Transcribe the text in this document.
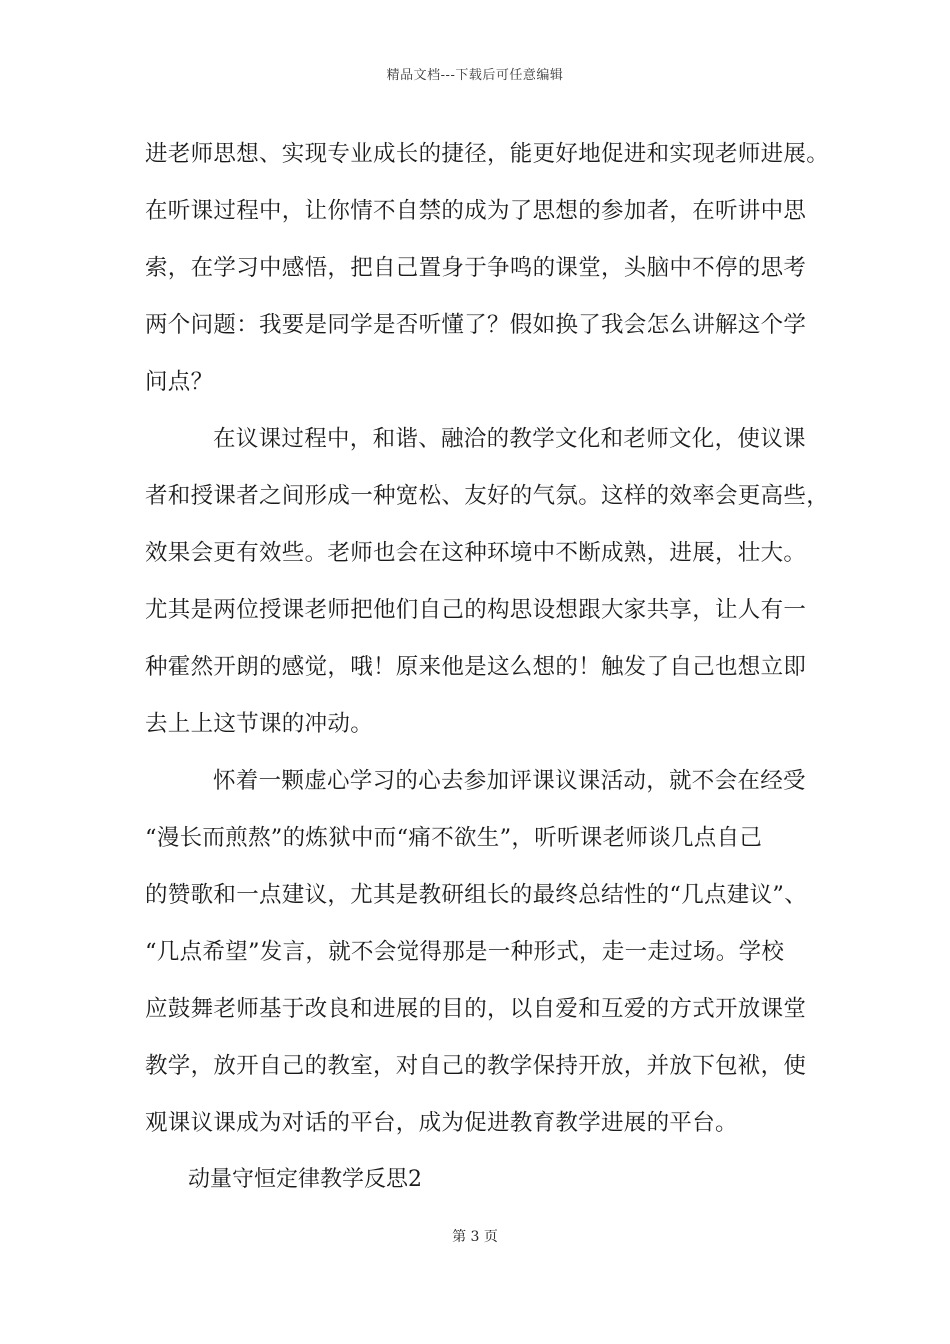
精品文档---下载后可任意编辑
进老师思想、实现专业成长的捷径，能更好地促进和实现老师进展。
在听课过程中，让你情不自禁的成为了思想的参加者，在听讲中思
索，在学习中感悟，把自己置身于争鸣的课堂，头脑中不停的思考
两个问题：我要是同学是否听懂了？假如换了我会怎么讲解这个学
问点？
在议课过程中，和谐、融洽的教学文化和老师文化，使议课
者和授课者之间形成一种宽松、友好的气氛。这样的效率会更高些，
效果会更有效些。老师也会在这种环境中不断成熟，进展，壮大。
尤其是两位授课老师把他们自己的构思设想跟大家共享，让人有一
种霍然开朗的感觉，哦！原来他是这么想的！触发了自己也想立即
去上上这节课的冲动。
怀着一颗虚心学习的心去参加评课议课活动，就不会在经受
“漫长而煎熬”的炼狱中而“痛不欲生”，听听课老师谈几点自己
的赞歌和一点建议，尤其是教研组长的最终总结性的“几点建议”、
“几点希望”发言，就不会觉得那是一种形式，走一走过场。学校
应鼓舞老师基于改良和进展的目的，以自爱和互爱的方式开放课堂
教学，放开自己的教室，对自己的教学保持开放，并放下包袱，使
观课议课成为对话的平台，成为促进教育教学进展的平台。
动量守恒定律教学反思2
第 3 页
